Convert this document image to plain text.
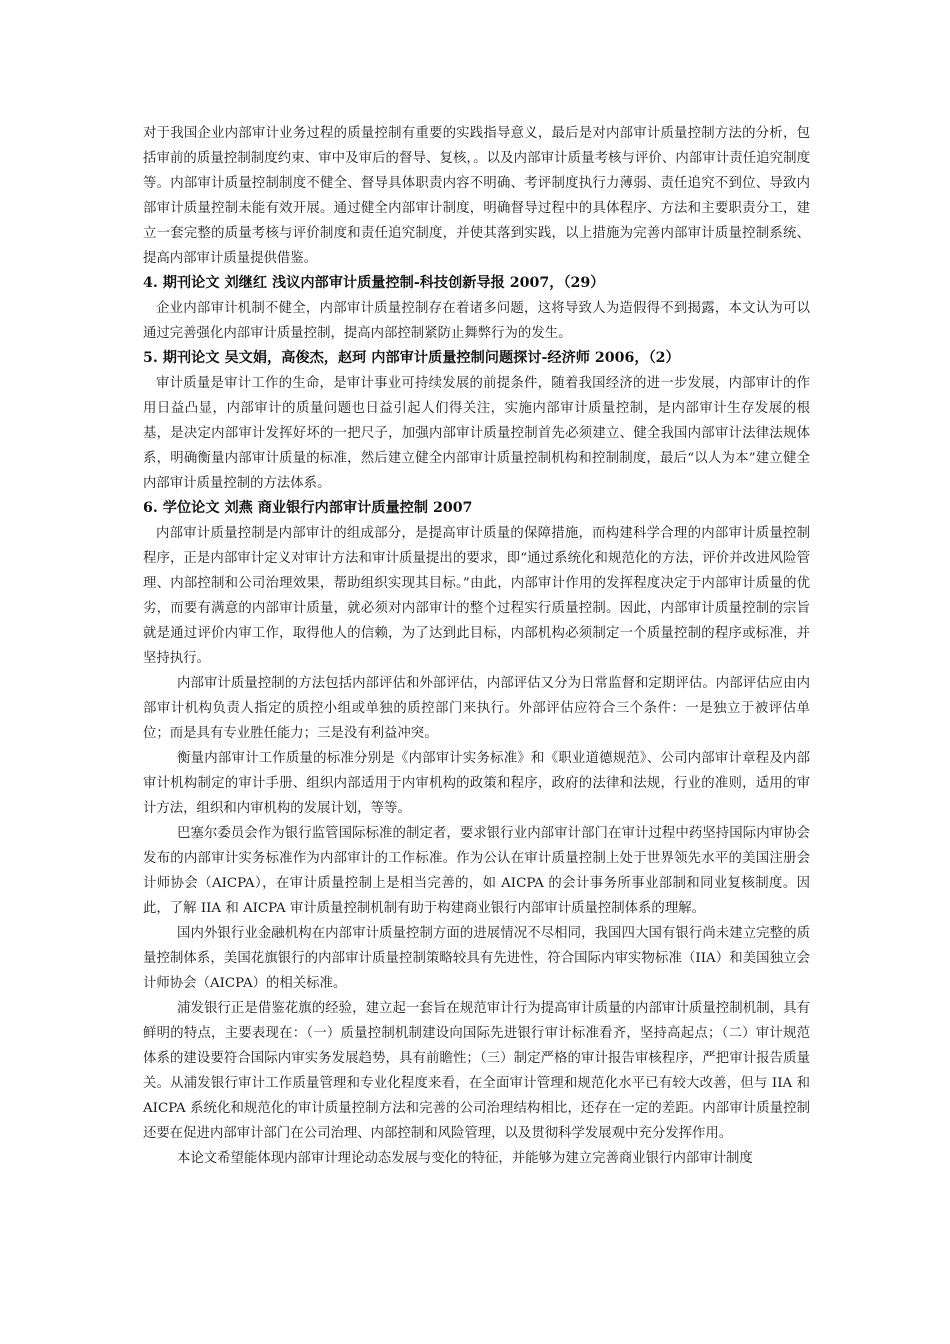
对于我国企业内部审计业务过程的质量控制有重要的实践指导意义，最后是对内部审计质量控制方法的分析，包括审前的质量控制制度约束、审中及审后的督导、复核，。以及内部审计质量考核与评价、内部审计责任追究制度等。内部审计质量控制制度不健全、督导具体职责内容不明确、考评制度执行力薄弱、责任追究不到位、导致内部审计质量控制未能有效开展。通过健全内部审计制度，明确督导过程中的具体程序、方法和主要职责分工，建立一套完整的质量考核与评价制度和责任追究制度，并使其落到实践，以上措施为完善内部审计质量控制系统、提高内部审计质量提供借鉴。

4. 期刊论文 刘继红 浅议内部审计质量控制-科技创新导报 2007，（29）

企业内部审计机制不健全，内部审计质量控制存在着诸多问题，这将导致人为造假得不到揭露，本文认为可以通过完善强化内部审计质量控制，提高内部控制紧防止舞弊行为的发生。

5. 期刊论文 吴文娟，高俊杰，赵珂 内部审计质量控制问题探讨-经济师 2006，（2）

审计质量是审计工作的生命，是审计事业可持续发展的前提条件，随着我国经济的进一步发展，内部审计的作用日益凸显，内部审计的质量问题也日益引起人们得关注，实施内部审计质量控制，是内部审计生存发展的根基，是决定内部审计发挥好坏的一把尺子，加强内部审计质量控制首先必须建立、健全我国内部审计法律法规体系，明确衡量内部审计质量的标准，然后建立健全内部审计质量控制机构和控制制度，最后“以人为本”建立健全内部审计质量控制的方法体系。

6. 学位论文 刘燕 商业银行内部审计质量控制 2007

内部审计质量控制是内部审计的组成部分，是提高审计质量的保障措施，而构建科学合理的内部审计质量控制程序，正是内部审计定义对审计方法和审计质量提出的要求，即“通过系统化和规范化的方法，评价并改进风险管理、内部控制和公司治理效果，帮助组织实现其目标。”由此，内部审计作用的发挥程度决定于内部审计质量的优劣，而要有满意的内部审计质量，就必须对内部审计的整个过程实行质量控制。因此，内部审计质量控制的宗旨就是通过评价内审工作，取得他人的信赖，为了达到此目标，内部机构必须制定一个质量控制的程序或标准，并坚持执行。

内部审计质量控制的方法包括内部评估和外部评估，内部评估又分为日常监督和定期评估。内部评估应由内部审计机构负责人指定的质控小组或单独的质控部门来执行。外部评估应符合三个条件：一是独立于被评估单位；而是具有专业胜任能力；三是没有利益冲突。

衡量内部审计工作质量的标准分别是《内部审计实务标准》和《职业道德规范》、公司内部审计章程及内部审计机构制定的审计手册、组织内部适用于内审机构的政策和程序，政府的法律和法规，行业的准则，适用的审计方法，组织和内审机构的发展计划，等等。

巴塞尔委员会作为银行监管国际标准的制定者，要求银行业内部审计部门在审计过程中药坚持国际内审协会发布的内部审计实务标准作为内部审计的工作标准。作为公认在审计质量控制上处于世界领先水平的美国注册会计师协会（AICPA），在审计质量控制上是相当完善的，如 AICPA 的会计事务所事业部制和同业复核制度。因此，了解 IIA 和 AICPA 审计质量控制机制有助于构建商业银行内部审计质量控制体系的理解。

国内外银行业金融机构在内部审计质量控制方面的进展情况不尽相同，我国四大国有银行尚未建立完整的质量控制体系，美国花旗银行的内部审计质量控制策略较具有先进性，符合国际内审实物标准（IIA）和美国独立会计师协会（AICPA）的相关标准。

浦发银行正是借鉴花旗的经验，建立起一套旨在规范审计行为提高审计质量的内部审计质量控制机制，具有鲜明的特点，主要表现在：（一）质量控制机制建设向国际先进银行审计标准看齐，坚持高起点；（二）审计规范体系的建设要符合国际内审实务发展趋势，具有前瞻性；（三）制定严格的审计报告审核程序，严把审计报告质量关。从浦发银行审计工作质量管理和专业化程度来看，在全面审计管理和规范化水平已有较大改善，但与 IIA 和 AICPA 系统化和规范化的审计质量控制方法和完善的公司治理结构相比，还存在一定的差距。内部审计质量控制还要在促进内部审计部门在公司治理、内部控制和风险管理，以及贯彻科学发展观中充分发挥作用。

本论文希望能体现内部审计理论动态发展与变化的特征，并能够为建立完善商业银行内部审计制度
